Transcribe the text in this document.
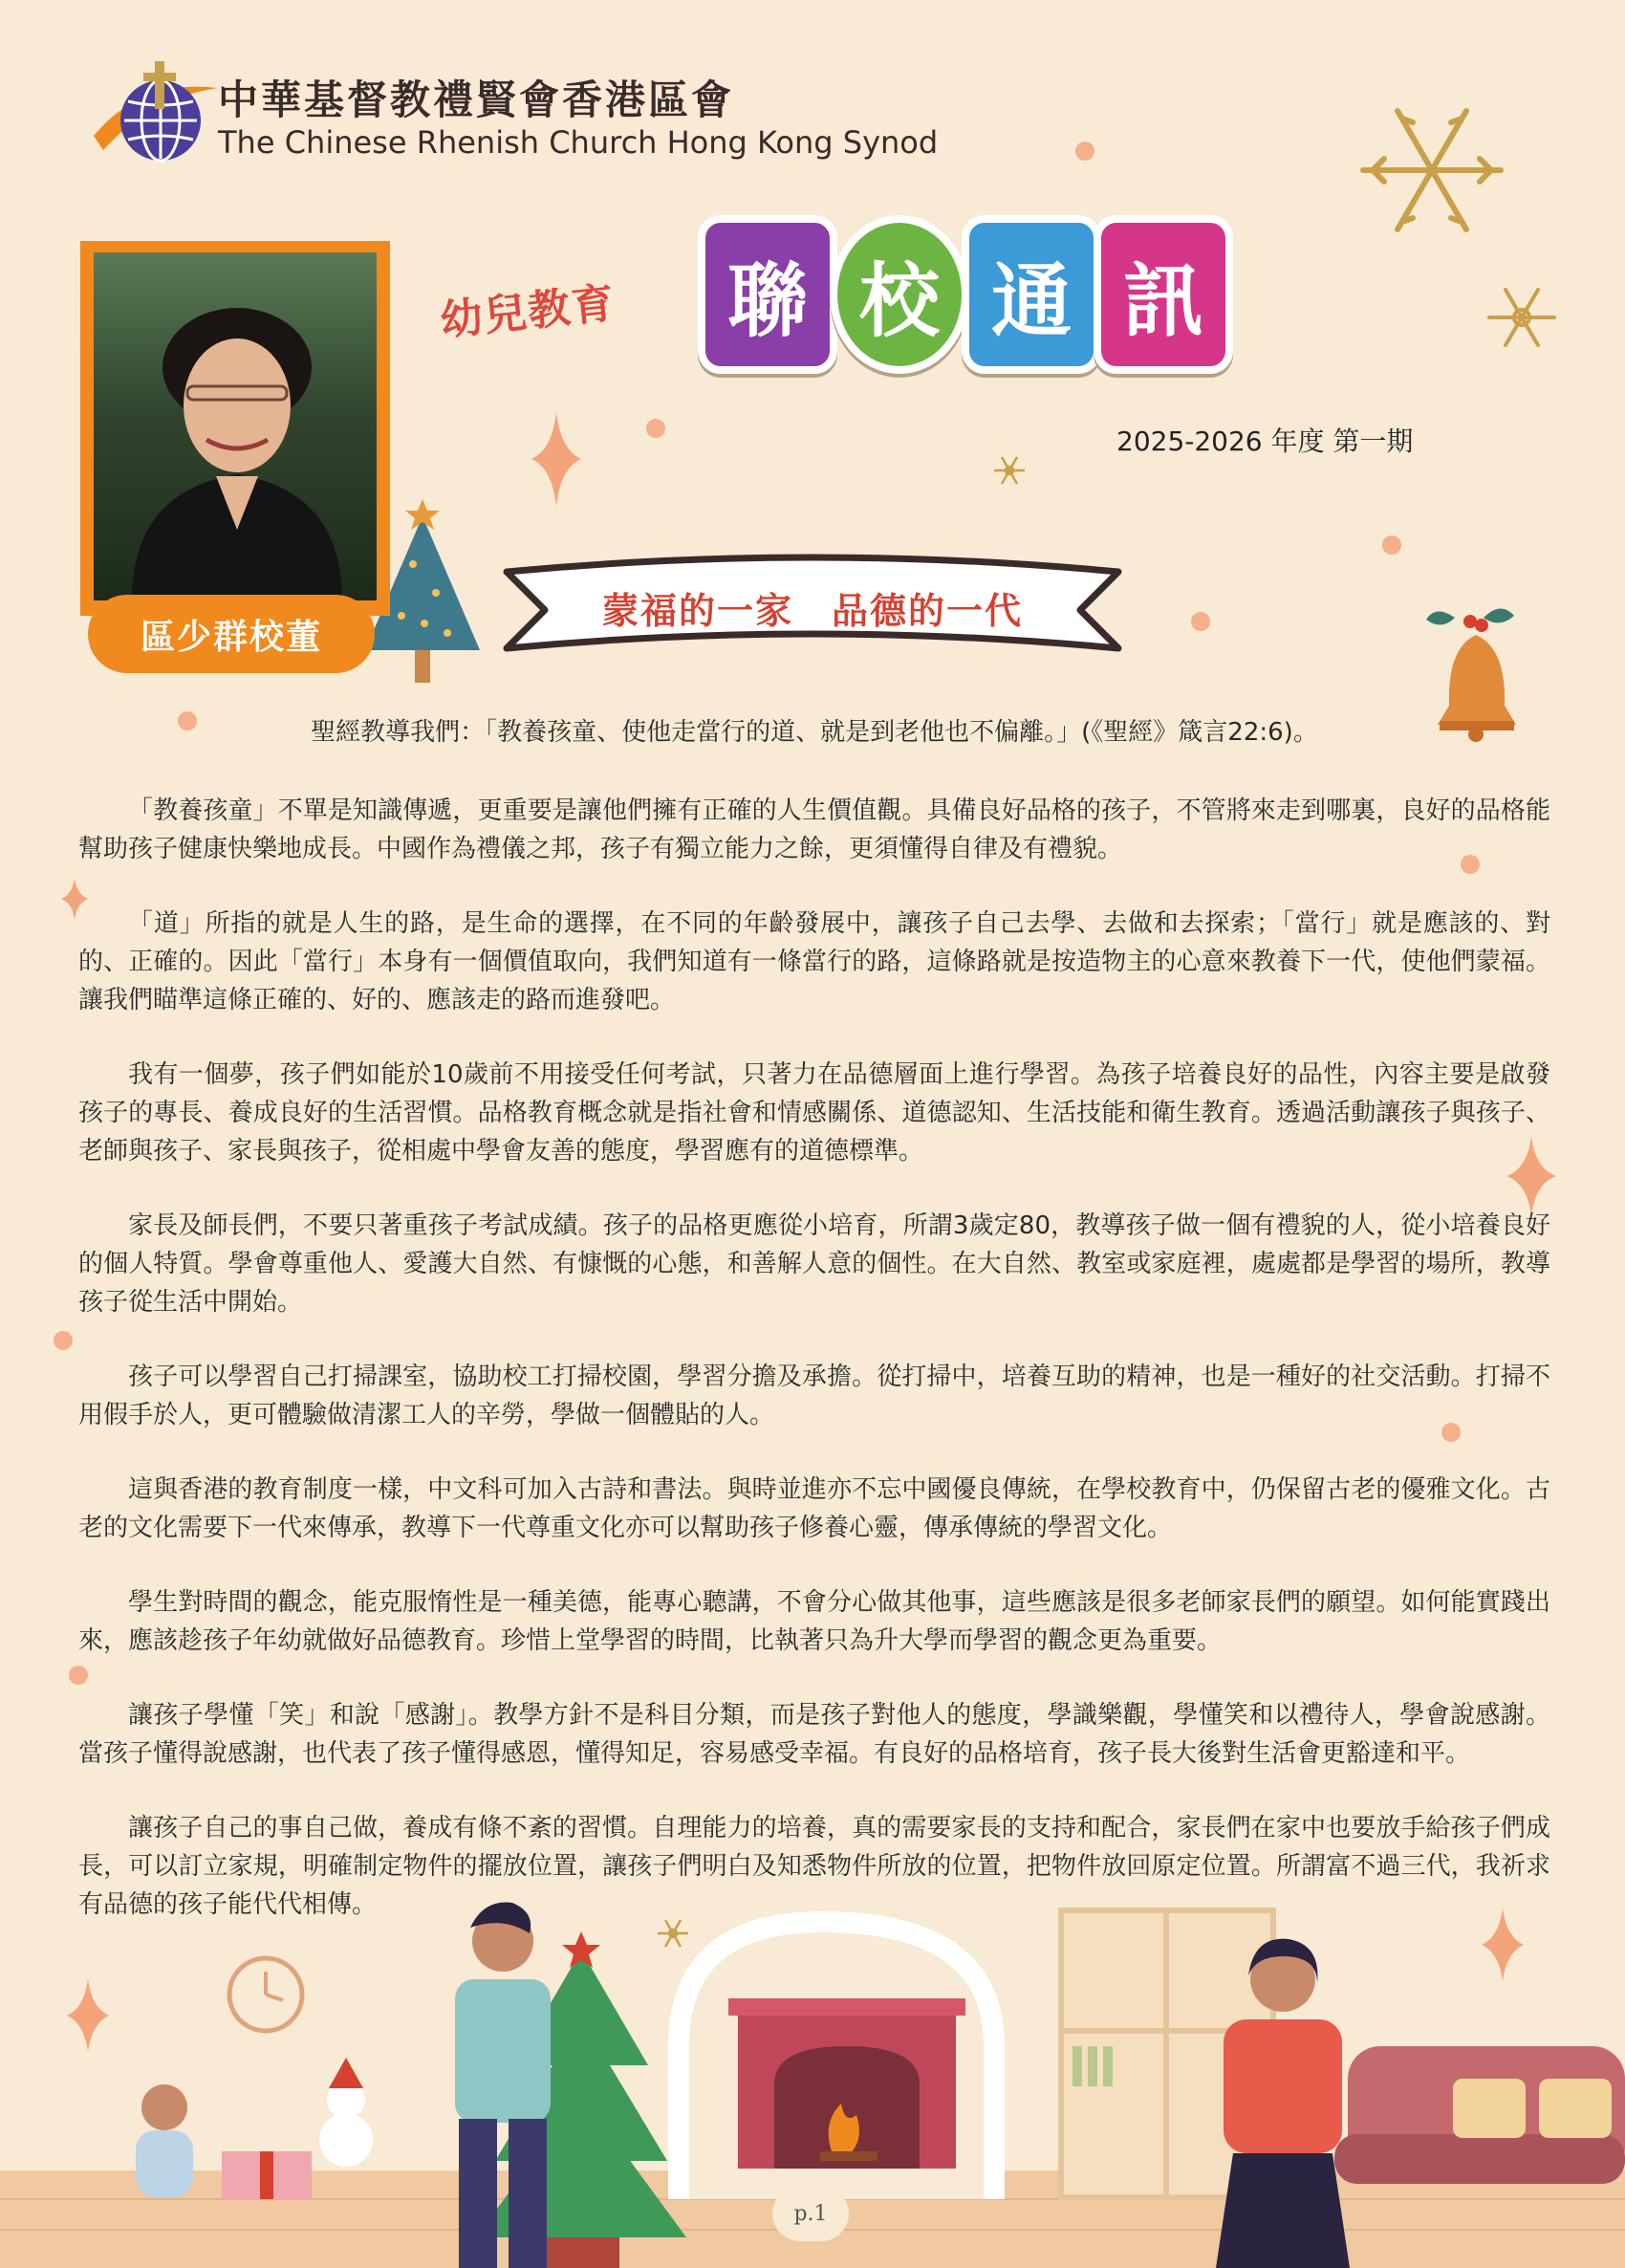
中華基督教禮賢會香港區會
The Chinese Rhenish Church Hong Kong Synod
幼兒教育	聯 校 通 訊
2025-2026 年度 第一期
區少群校董
蒙福的一家　品德的一代

聖經教導我們：「教養孩童、使他走當行的道、就是到老他也不偏離。」(《聖經》箴言22:6)。

「教養孩童」不單是知識傳遞，更重要是讓他們擁有正確的人生價值觀。具備良好品格的孩子，不管將來走到哪裏，良好的品格能幫助孩子健康快樂地成長。中國作為禮儀之邦，孩子有獨立能力之餘，更須懂得自律及有禮貌。

「道」所指的就是人生的路，是生命的選擇，在不同的年齡發展中，讓孩子自己去學、去做和去探索；「當行」就是應該的、對的、正確的。因此「當行」本身有一個價值取向，我們知道有一條當行的路，這條路就是按造物主的心意來教養下一代，使他們蒙福。讓我們瞄準這條正確的、好的、應該走的路而進發吧。

我有一個夢，孩子們如能於10歲前不用接受任何考試，只著力在品德層面上進行學習。為孩子培養良好的品性，內容主要是啟發孩子的專長、養成良好的生活習慣。品格教育概念就是指社會和情感關係、道德認知、生活技能和衛生教育。透過活動讓孩子與孩子、老師與孩子、家長與孩子，從相處中學會友善的態度，學習應有的道德標準。

家長及師長們，不要只著重孩子考試成績。孩子的品格更應從小培育，所謂3歲定80，教導孩子做一個有禮貌的人，從小培養良好的個人特質。學會尊重他人、愛護大自然、有慷慨的心態，和善解人意的個性。在大自然、教室或家庭裡，處處都是學習的場所，教導孩子從生活中開始。

孩子可以學習自己打掃課室，協助校工打掃校園，學習分擔及承擔。從打掃中，培養互助的精神，也是一種好的社交活動。打掃不用假手於人，更可體驗做清潔工人的辛勞，學做一個體貼的人。

這與香港的教育制度一樣，中文科可加入古詩和書法。與時並進亦不忘中國優良傳統，在學校教育中，仍保留古老的優雅文化。古老的文化需要下一代來傳承，教導下一代尊重文化亦可以幫助孩子修養心靈，傳承傳統的學習文化。

學生對時間的觀念，能克服惰性是一種美德，能專心聽講，不會分心做其他事，這些應該是很多老師家長們的願望。如何能實踐出來，應該趁孩子年幼就做好品德教育。珍惜上堂學習的時間，比執著只為升大學而學習的觀念更為重要。

讓孩子學懂「笑」和說「感謝」。教學方針不是科目分類，而是孩子對他人的態度，學識樂觀，學懂笑和以禮待人，學會說感謝。當孩子懂得說感謝，也代表了孩子懂得感恩，懂得知足，容易感受幸福。有良好的品格培育，孩子長大後對生活會更豁達和平。

讓孩子自己的事自己做，養成有條不紊的習慣。自理能力的培養，真的需要家長的支持和配合，家長們在家中也要放手給孩子們成長，可以訂立家規，明確制定物件的擺放位置，讓孩子們明白及知悉物件所放的位置，把物件放回原定位置。所謂富不過三代，我祈求有品德的孩子能代代相傳。

p.1
